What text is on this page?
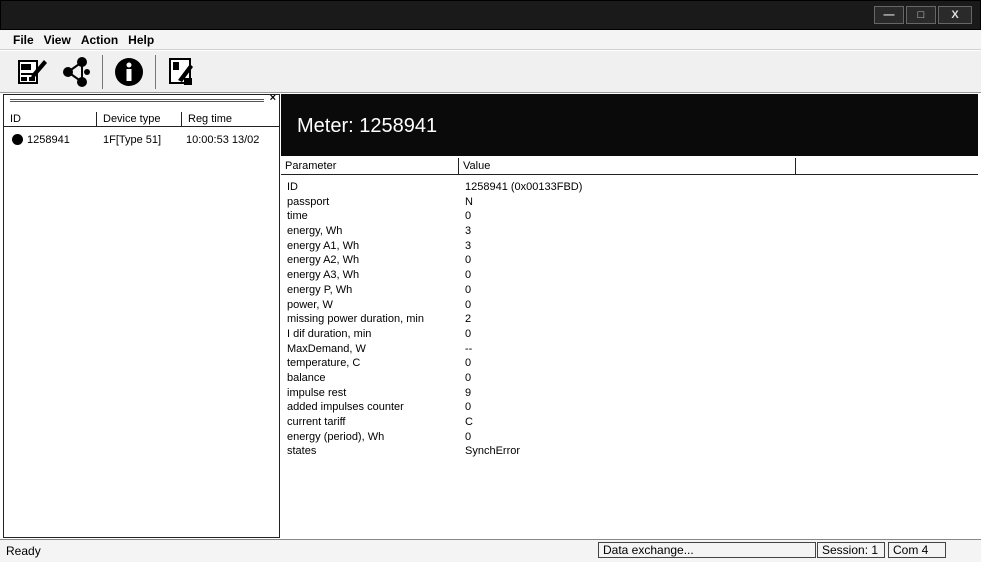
—	□	X
File View Action Help
×
ID	Device type	Reg time
1258941	1F[Type 51]	10:00:53 13/02
Meter: 1258941
Parameter	Value
ID	1258941 (0x00133FBD)
passport	N
time	0
energy, Wh	3
energy A1, Wh	3
energy A2, Wh	0
energy A3, Wh	0
energy P, Wh	0
power, W	0
missing power duration, min	2
I dif duration, min	0
MaxDemand, W	--
temperature, C	0
balance	0
impulse rest	9
added impulses counter	0
current tariff	C
energy (period), Wh	0
states	SynchError
Ready	Data exchange...	Session: 1	Com 4
